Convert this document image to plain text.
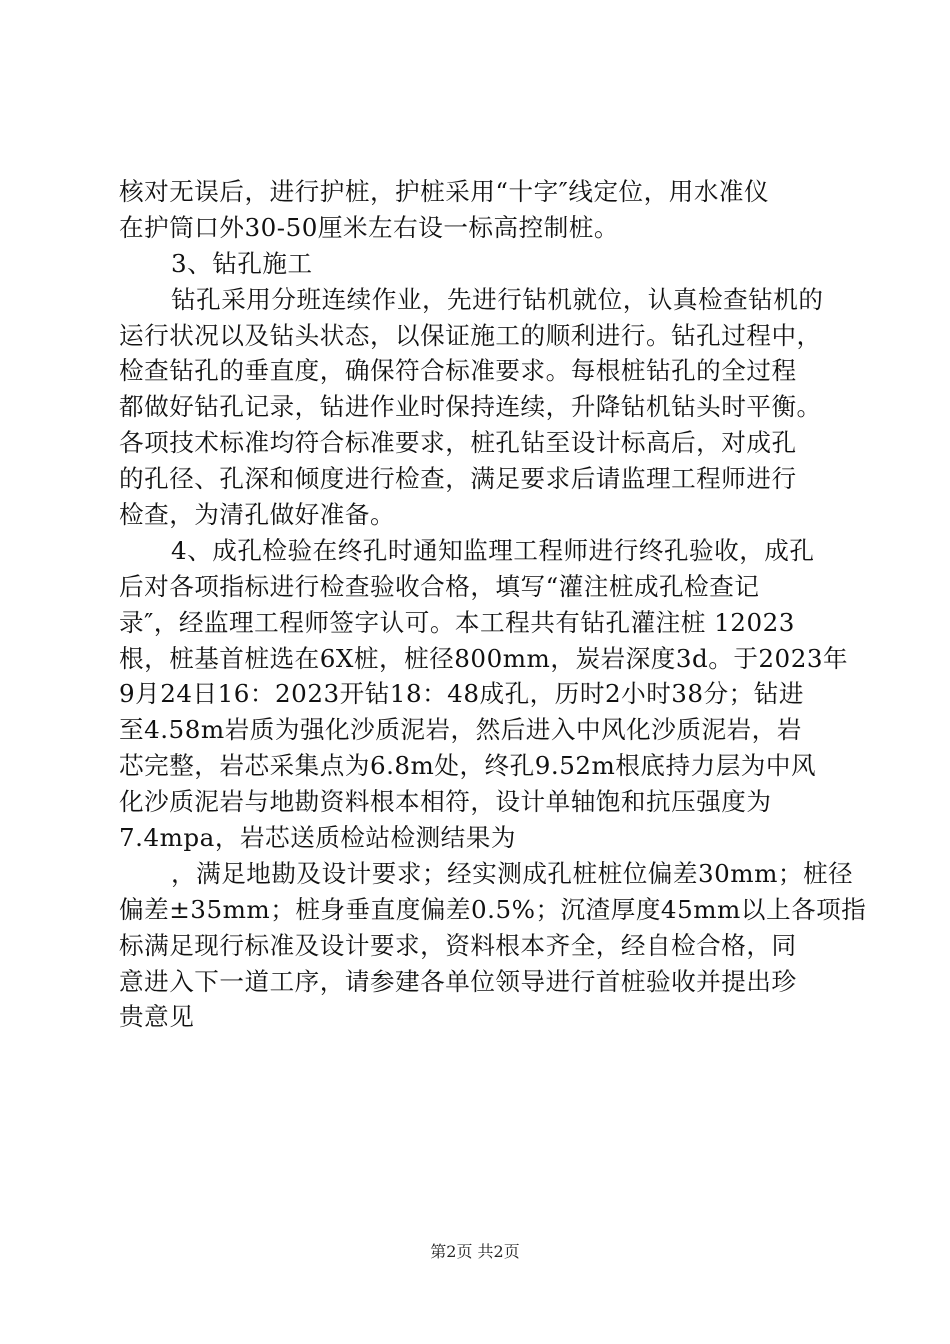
核对无误后，进行护桩，护桩采用“十字″线定位，用水准仪
在护筒口外30-50厘米左右设一标高控制桩。
3、钻孔施工
钻孔采用分班连续作业，先进行钻机就位，认真检查钻机的
运行状况以及钻头状态，以保证施工的顺利进行。钻孔过程中，
检查钻孔的垂直度，确保符合标准要求。每根桩钻孔的全过程
都做好钻孔记录，钻进作业时保持连续，升降钻机钻头时平衡。
各项技术标准均符合标准要求，桩孔钻至设计标高后，对成孔
的孔径、孔深和倾度进行检查，满足要求后请监理工程师进行
检查，为清孔做好准备。
4、成孔检验在终孔时通知监理工程师进行终孔验收，成孔
后对各项指标进行检查验收合格，填写“灌注桩成孔检查记
录″，经监理工程师签字认可。本工程共有钻孔灌注桩 12023
根，桩基首桩选在6X桩，桩径800mm，炭岩深度3d。于2023年
9月24日16：2023开钻18：48成孔，历时2小时38分；钻进
至4.58m岩质为强化沙质泥岩，然后进入中风化沙质泥岩，岩
芯完整，岩芯采集点为6.8m处，终孔9.52m根底持力层为中风
化沙质泥岩与地勘资料根本相符，设计单轴饱和抗压强度为
7.4mpa，岩芯送质检站检测结果为
，满足地勘及设计要求；经实测成孔桩桩位偏差30mm；桩径
偏差±35mm；桩身垂直度偏差0.5%；沉渣厚度45mm以上各项指
标满足现行标准及设计要求，资料根本齐全，经自检合格，同
意进入下一道工序，请参建各单位领导进行首桩验收并提出珍
贵意见
第2页 共2页
